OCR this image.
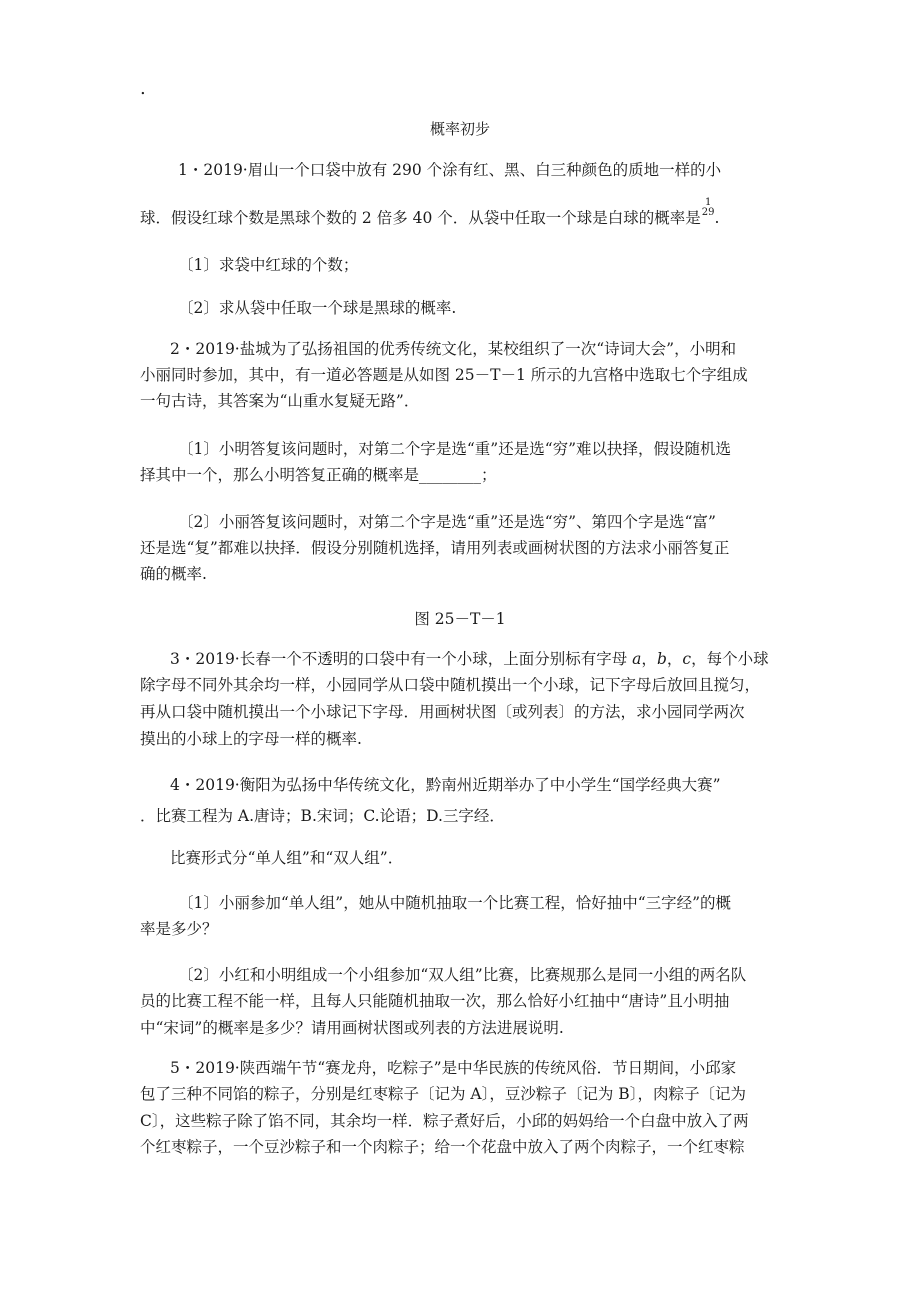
.
概率初步
1・2019·眉山一个口袋中放有 290 个涂有红、黑、白三种颜色的质地一样的小
球．假设红球个数是黑球个数的 2 倍多 40 个．从袋中任取一个球是白球的概率是
1
29 .
〔1〕求袋中红球的个数；
〔2〕求从袋中任取一个球是黑球的概率.
2・2019·盐城为了弘扬祖国的优秀传统文化，某校组织了一次“诗词大会”，小明和
小丽同时参加，其中，有一道必答题是从如图 25－T－1 所示的九宫格中选取七个字组成
一句古诗，其答案为“山重水复疑无路”．
〔1〕小明答复该问题时，对第二个字是选“重”还是选“穷”难以抉择，假设随机选
择其中一个，那么小明答复正确的概率是________；
〔2〕小丽答复该问题时，对第二个字是选“重”还是选“穷”、第四个字是选“富”
还是选“复”都难以抉择．假设分别随机选择，请用列表或画树状图的方法求小丽答复正
确的概率.
图 25－T－1
3・2019·长春一个不透明的口袋中有一个小球，上面分别标有字母 a，b，c，每个小球
除字母不同外其余均一样，小园同学从口袋中随机摸出一个小球，记下字母后放回且搅匀，
再从口袋中随机摸出一个小球记下字母．用画树状图〔或列表〕的方法，求小园同学两次
摸出的小球上的字母一样的概率.
4・2019·衡阳为弘扬中华传统文化，黔南州近期举办了中小学生“国学经典大赛”
．比赛工程为 A.唐诗；B.宋词；C.论语；D.三字经．
比赛形式分“单人组”和“双人组”．
〔1〕小丽参加“单人组”，她从中随机抽取一个比赛工程，恰好抽中“三字经”的概
率是多少？
〔2〕小红和小明组成一个小组参加“双人组”比赛，比赛规那么是同一小组的两名队
员的比赛工程不能一样，且每人只能随机抽取一次，那么恰好小红抽中“唐诗”且小明抽
中“宋词”的概率是多少？请用画树状图或列表的方法进展说明.
5・2019·陕西端午节“赛龙舟，吃粽子”是中华民族的传统风俗．节日期间，小邱家
包了三种不同馅的粽子，分别是红枣粽子〔记为 A〕，豆沙粽子〔记为 B〕，肉粽子〔记为
C〕，这些粽子除了馅不同，其余均一样．粽子煮好后，小邱的妈妈给一个白盘中放入了两
个红枣粽子，一个豆沙粽子和一个肉粽子；给一个花盘中放入了两个肉粽子，一个红枣粽
